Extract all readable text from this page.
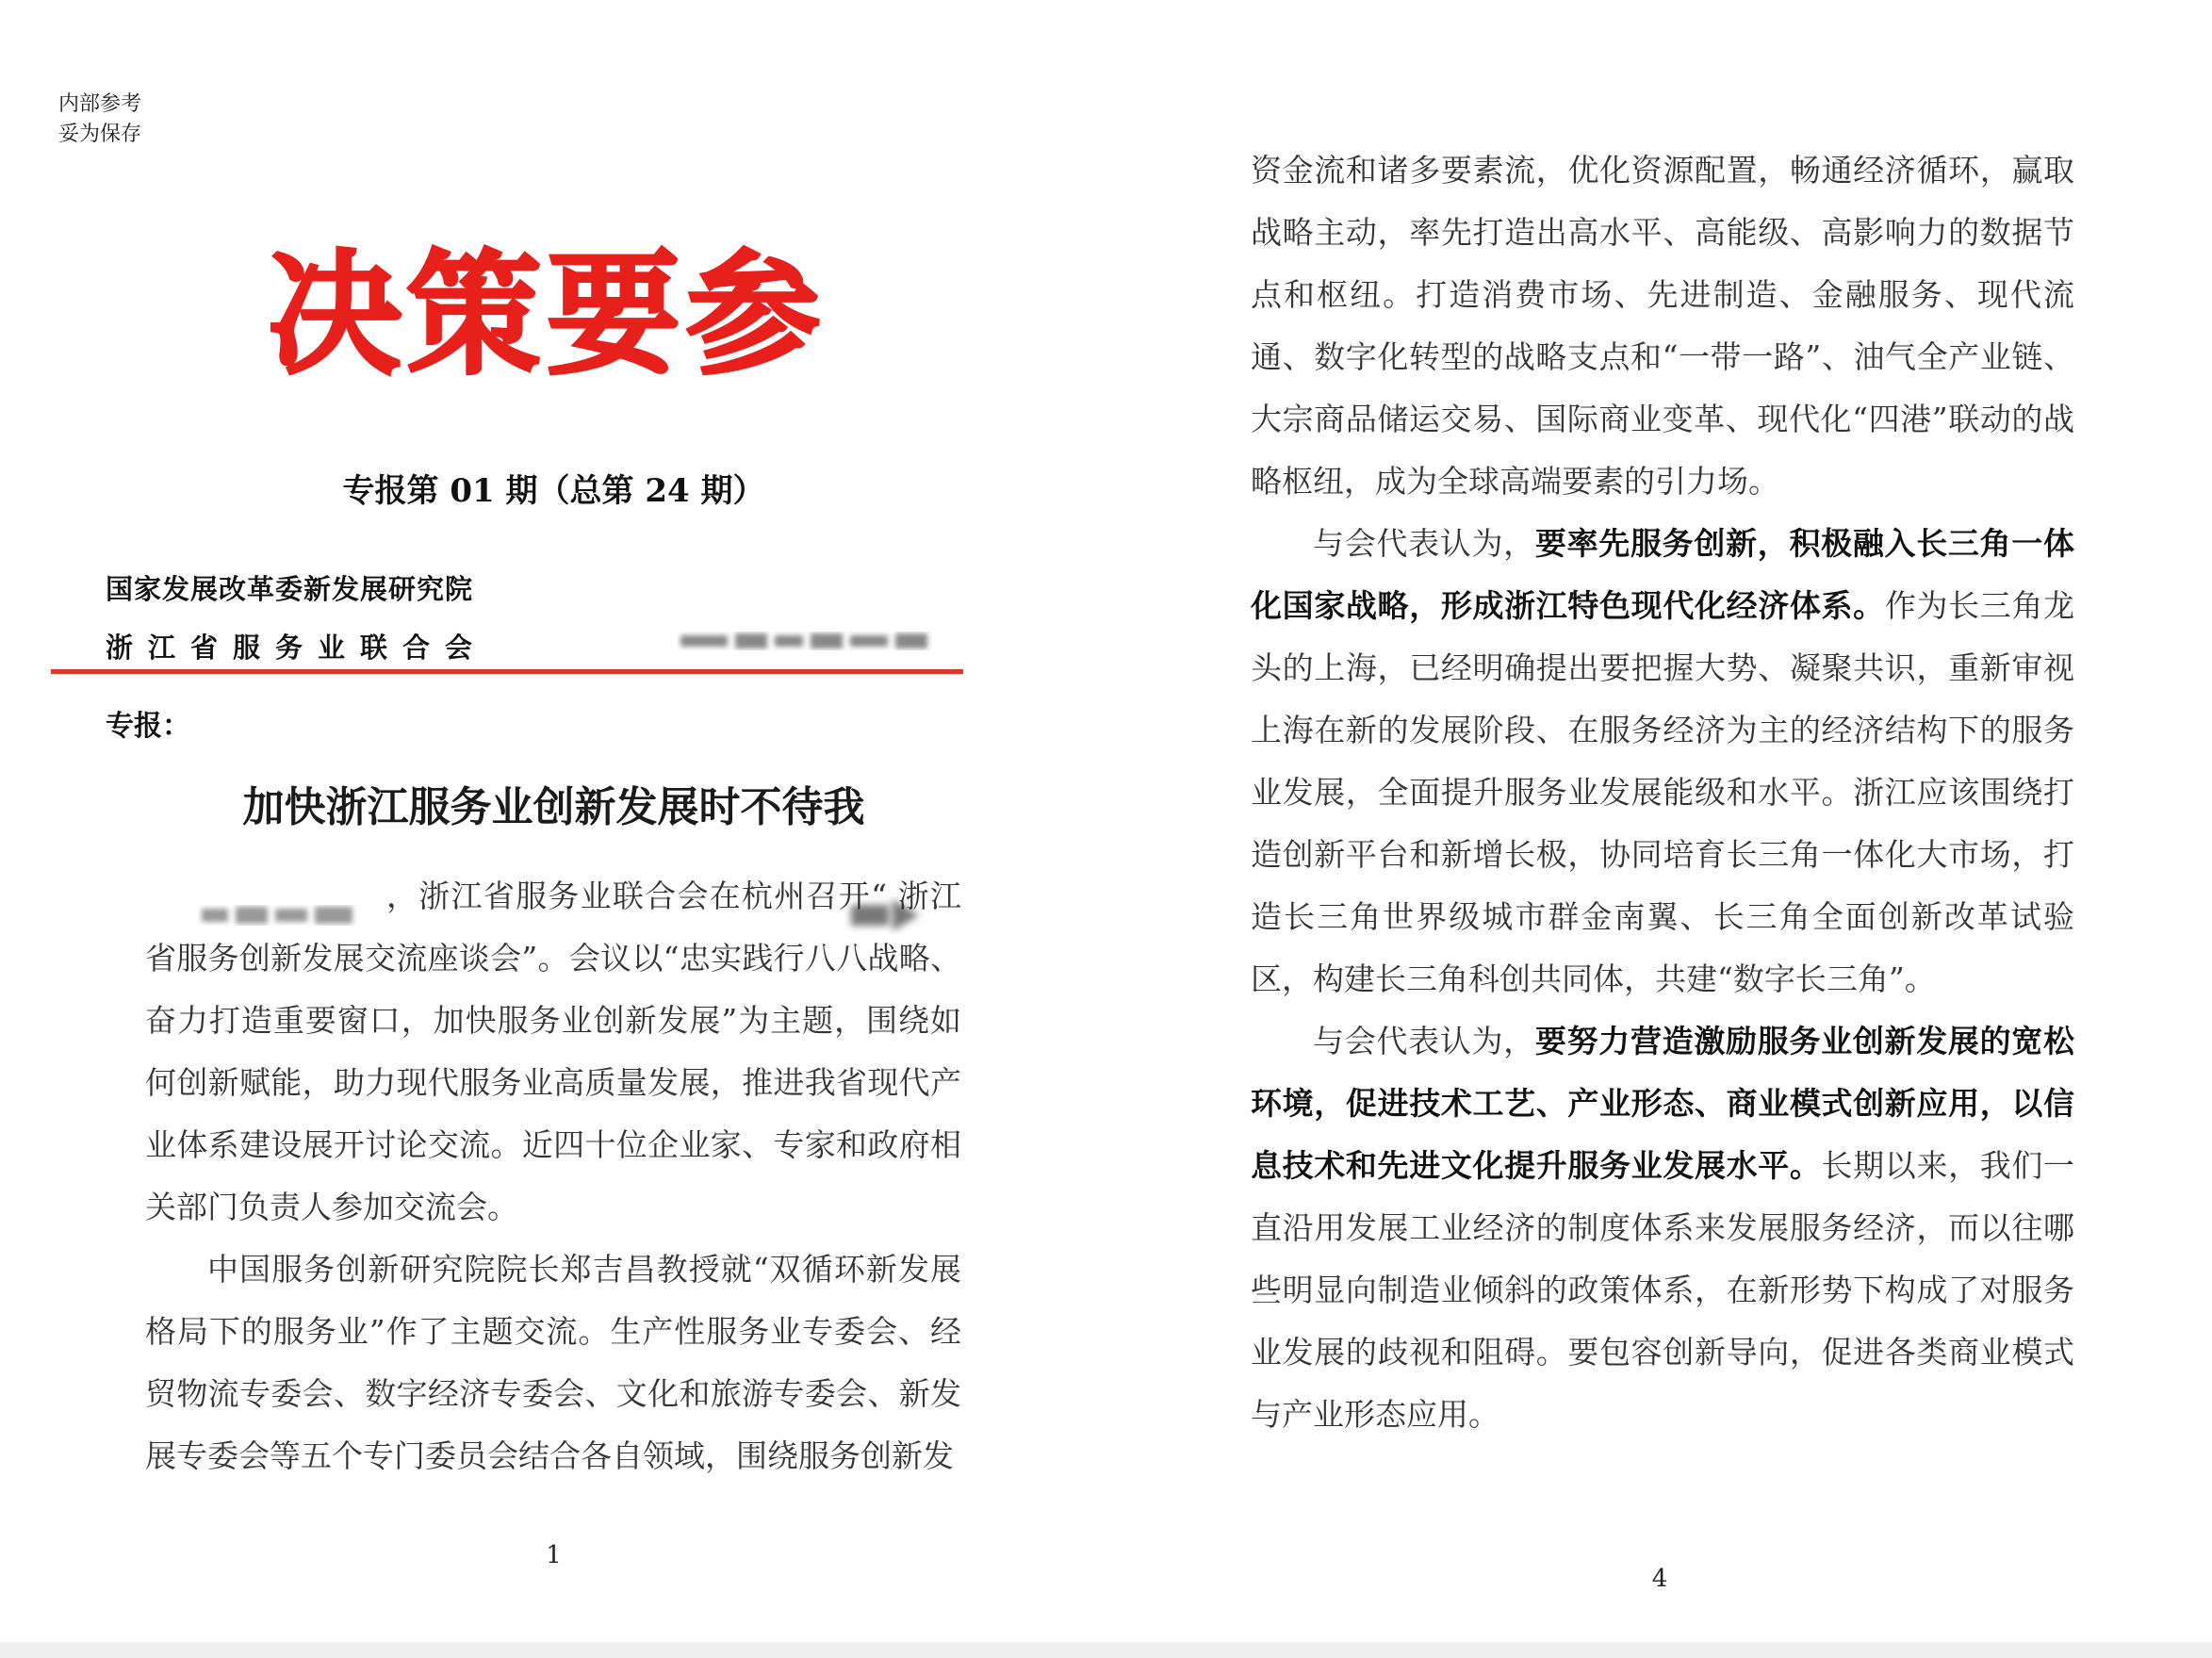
内部参考
妥为保存
决策要参
专报第 01 期（总第 24 期）
国家发展改革委新发展研究院
浙江省服务业联合会
专报：
加快浙江服务业创新发展时不待我

，浙江省服务业联合会在杭州召开“ 浙江省服务创新发展交流座谈会”。会议以“忠实践行八八战略、奋力打造重要窗口，加快服务业创新发展”为主题，围绕如何创新赋能，助力现代服务业高质量发展，推进我省现代产业体系建设展开讨论交流。近四十位企业家、专家和政府相关部门负责人参加交流会。

中国服务创新研究院院长郑吉昌教授就“双循环新发展格局下的服务业”作了主题交流。生产性服务业专委会、经贸物流专委会、数字经济专委会、文化和旅游专委会、新发展专委会等五个专门委员会结合各自领域，围绕服务创新发

1

资金流和诸多要素流，优化资源配置，畅通经济循环，赢取战略主动，率先打造出高水平、高能级、高影响力的数据节点和枢纽。打造消费市场、先进制造、金融服务、现代流通、数字化转型的战略支点和“一带一路”、油气全产业链、大宗商品储运交易、国际商业变革、现代化“四港”联动的战略枢纽，成为全球高端要素的引力场。

与会代表认为，要率先服务创新，积极融入长三角一体化国家战略，形成浙江特色现代化经济体系。作为长三角龙头的上海，已经明确提出要把握大势、凝聚共识，重新审视上海在新的发展阶段、在服务经济为主的经济结构下的服务业发展，全面提升服务业发展能级和水平。浙江应该围绕打造创新平台和新增长极，协同培育长三角一体化大市场，打造长三角世界级城市群金南翼、长三角全面创新改革试验区，构建长三角科创共同体，共建“数字长三角”。

与会代表认为，要努力营造激励服务业创新发展的宽松环境，促进技术工艺、产业形态、商业模式创新应用，以信息技术和先进文化提升服务业发展水平。长期以来，我们一直沿用发展工业经济的制度体系来发展服务经济，而以往哪些明显向制造业倾斜的政策体系，在新形势下构成了对服务业发展的歧视和阻碍。要包容创新导向，促进各类商业模式与产业形态应用。

4
